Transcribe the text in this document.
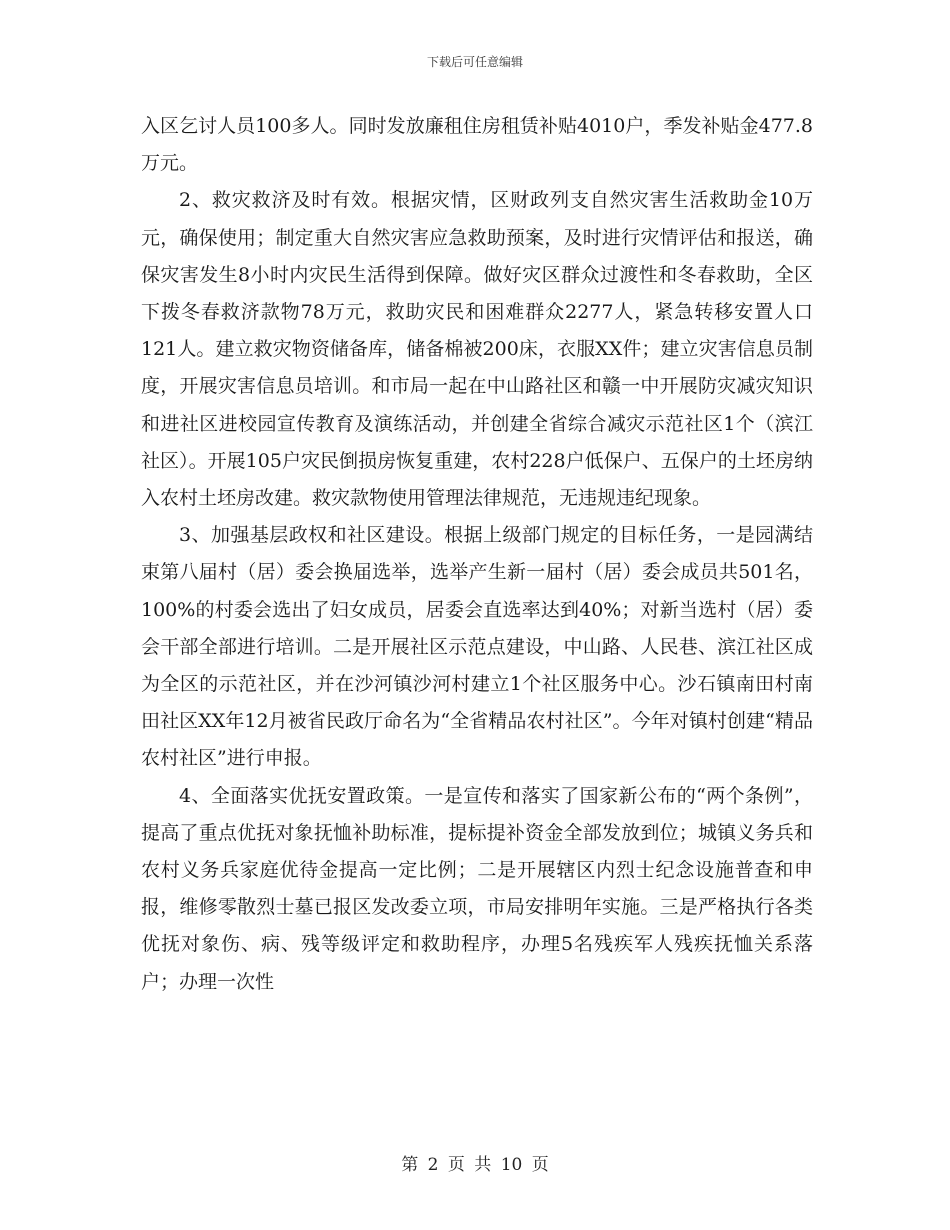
下载后可任意编辑

入区乞讨人员100多人。同时发放廉租住房租赁补贴4010户，季发补贴金477.8万元。

2、救灾救济及时有效。根据灾情，区财政列支自然灾害生活救助金10万元，确保使用；制定重大自然灾害应急救助预案，及时进行灾情评估和报送，确保灾害发生8小时内灾民生活得到保障。做好灾区群众过渡性和冬春救助，全区下拨冬春救济款物78万元，救助灾民和困难群众2277人，紧急转移安置人口121人。建立救灾物资储备库，储备棉被200床，衣服XX件；建立灾害信息员制度，开展灾害信息员培训。和市局一起在中山路社区和赣一中开展防灾减灾知识和进社区进校园宣传教育及演练活动，并创建全省综合减灾示范社区1个（滨江社区）。开展105户灾民倒损房恢复重建，农村228户低保户、五保户的土坯房纳入农村土坯房改建。救灾款物使用管理法律规范，无违规违纪现象。

3、加强基层政权和社区建设。根据上级部门规定的目标任务，一是园满结束第八届村（居）委会换届选举，选举产生新一届村（居）委会成员共501名，100%的村委会选出了妇女成员，居委会直选率达到40%；对新当选村（居）委会干部全部进行培训。二是开展社区示范点建设，中山路、人民巷、滨江社区成为全区的示范社区，并在沙河镇沙河村建立1个社区服务中心。沙石镇南田村南田社区XX年12月被省民政厅命名为“全省精品农村社区”。今年对镇村创建“精品农村社区”进行申报。

4、全面落实优抚安置政策。一是宣传和落实了国家新公布的“两个条例”，提高了重点优抚对象抚恤补助标准，提标提补资金全部发放到位；城镇义务兵和农村义务兵家庭优待金提高一定比例；二是开展辖区内烈士纪念设施普查和申报，维修零散烈士墓已报区发改委立项，市局安排明年实施。三是严格执行各类优抚对象伤、病、残等级评定和救助程序，办理5名残疾军人残疾抚恤关系落户；办理一次性

第 2 页 共 10 页
